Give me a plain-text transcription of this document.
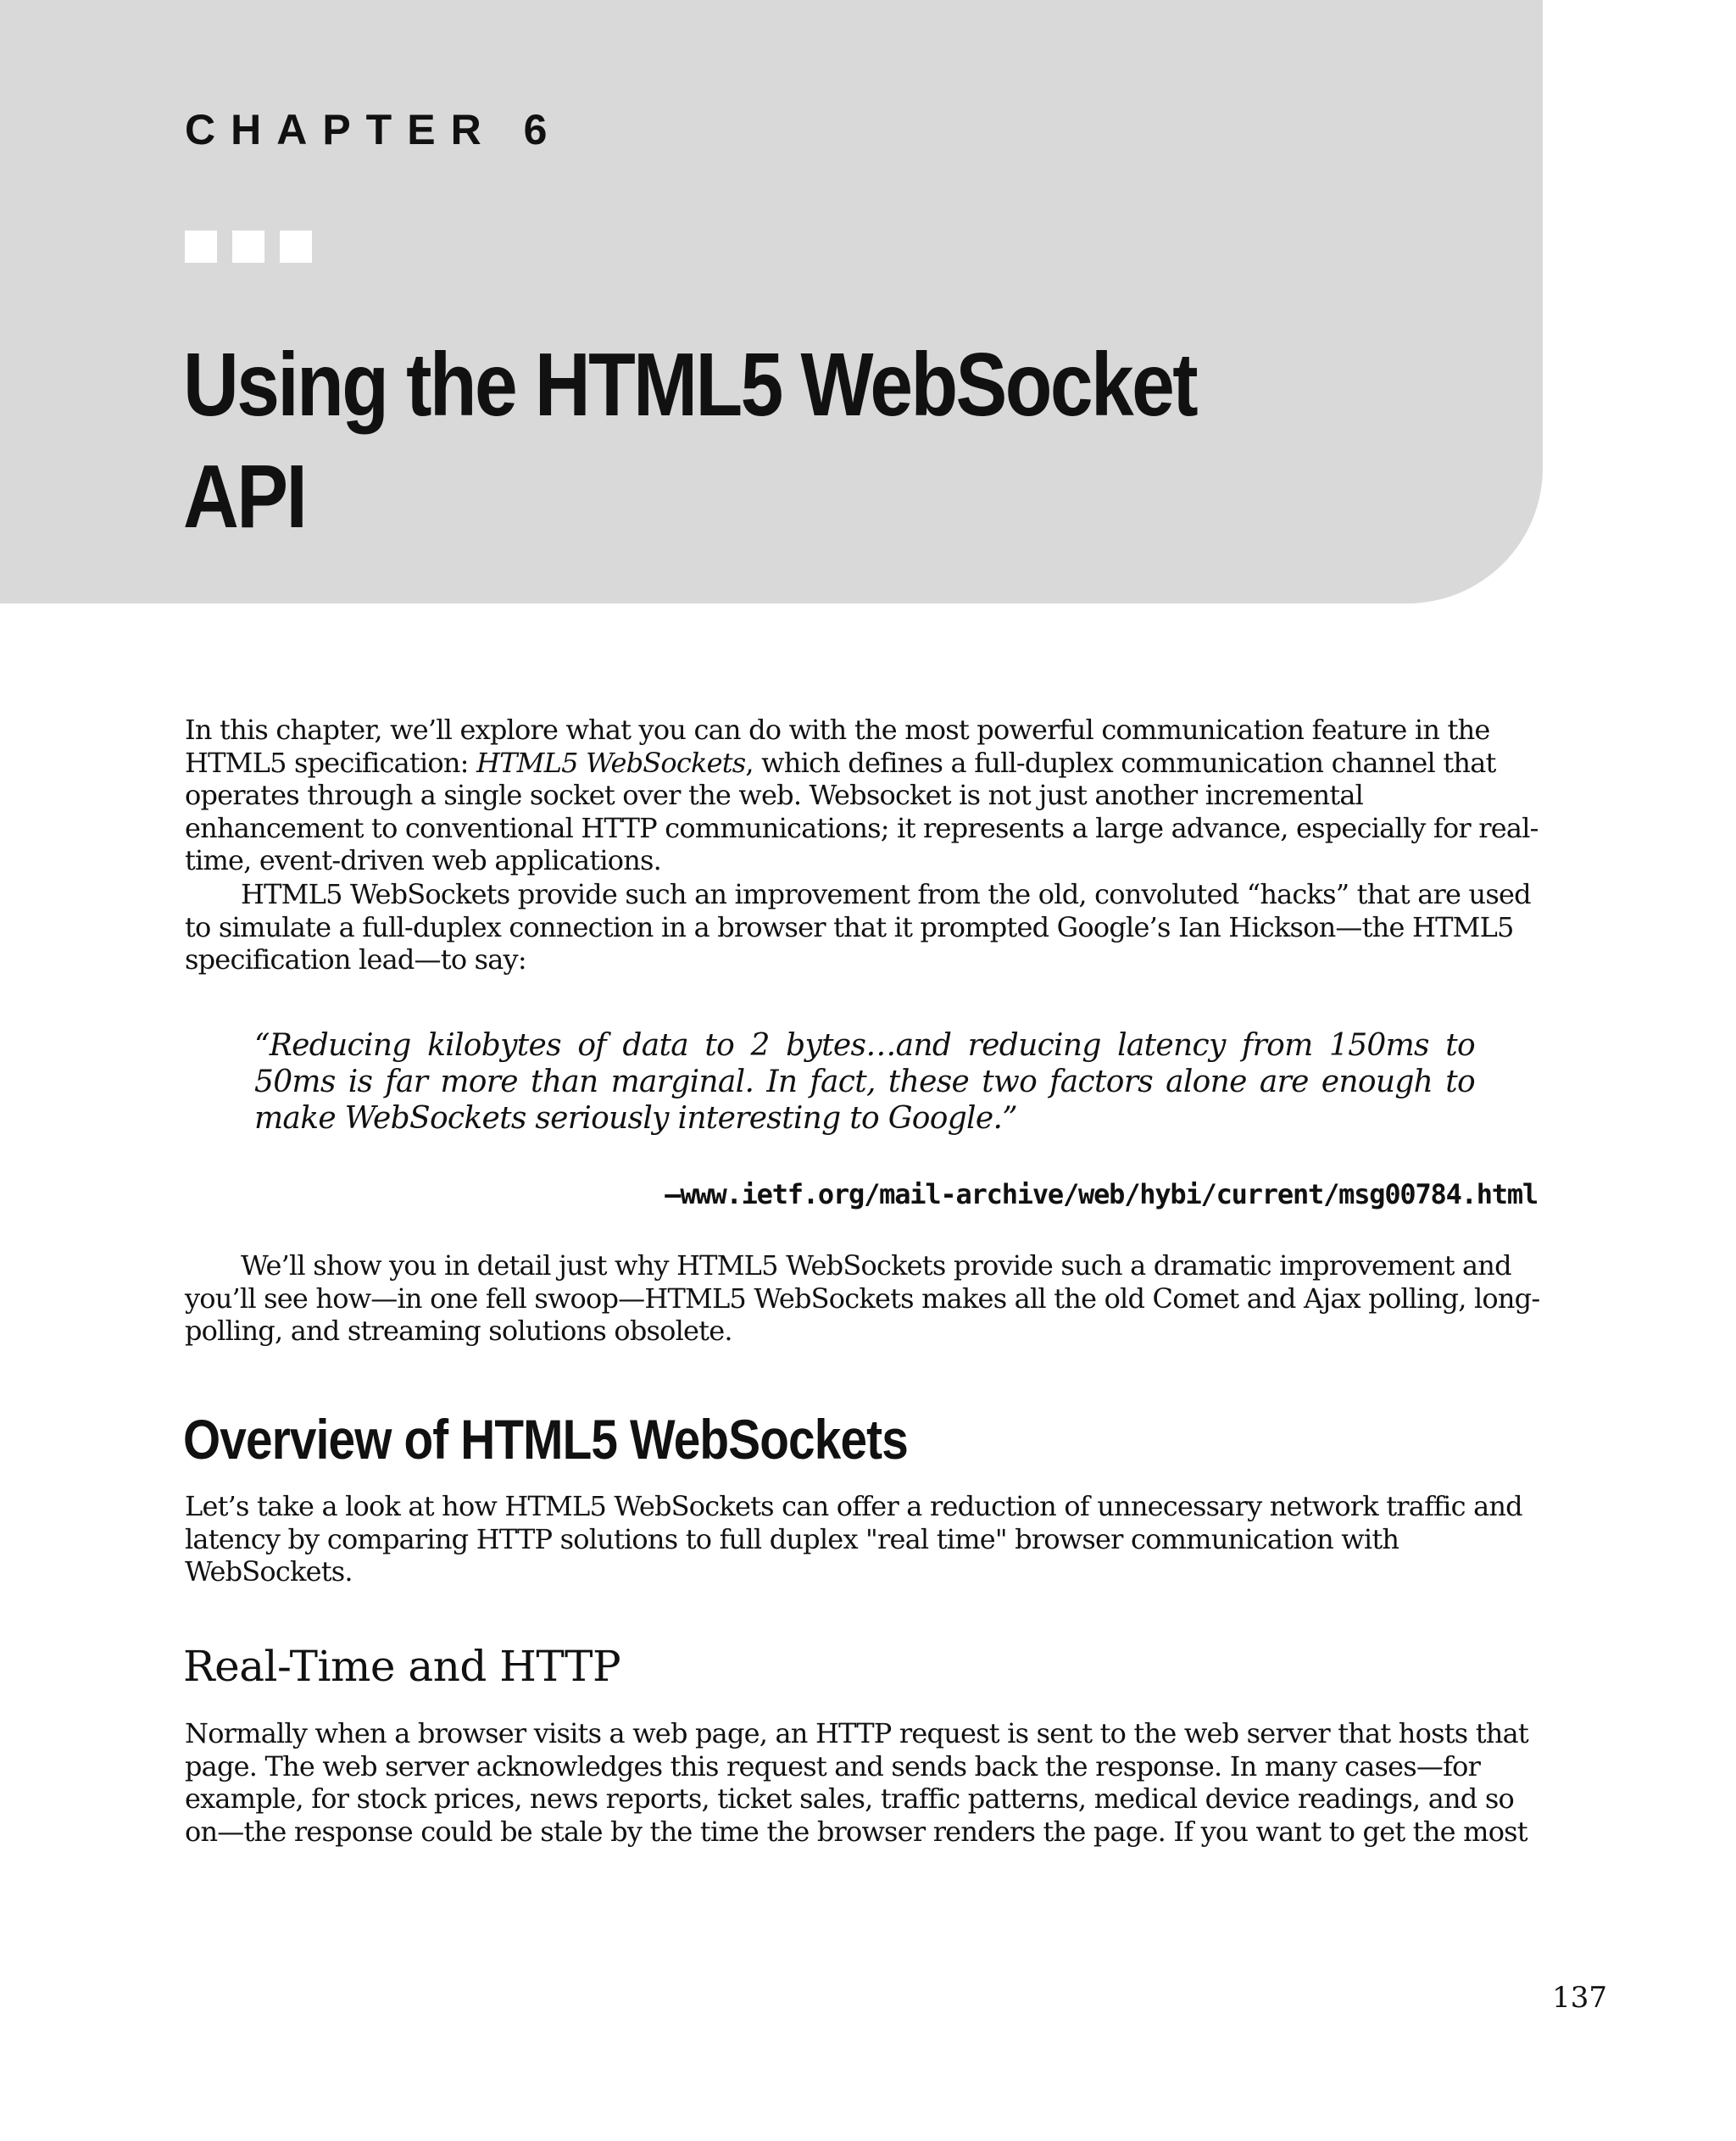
CHAPTER 6
Using the HTML5 WebSocket
API

In this chapter, we’ll explore what you can do with the most powerful communication feature in the HTML5 specification: HTML5 WebSockets, which defines a full-duplex communication channel that operates through a single socket over the web. Websocket is not just another incremental enhancement to conventional HTTP communications; it represents a large advance, especially for real-time, event-driven web applications.

HTML5 WebSockets provide such an improvement from the old, convoluted “hacks” that are used to simulate a full-duplex connection in a browser that it prompted Google’s Ian Hickson—the HTML5 specification lead—to say:

“Reducing kilobytes of data to 2 bytes…and reducing latency from 150ms to 50ms is far more than marginal. In fact, these two factors alone are enough to make WebSockets seriously interesting to Google.”

—www.ietf.org/mail-archive/web/hybi/current/msg00784.html

We’ll show you in detail just why HTML5 WebSockets provide such a dramatic improvement and you’ll see how—in one fell swoop—HTML5 WebSockets makes all the old Comet and Ajax polling, long-polling, and streaming solutions obsolete.

Overview of HTML5 WebSockets

Let’s take a look at how HTML5 WebSockets can offer a reduction of unnecessary network traffic and latency by comparing HTTP solutions to full duplex "real time" browser communication with WebSockets.

Real-Time and HTTP

Normally when a browser visits a web page, an HTTP request is sent to the web server that hosts that page. The web server acknowledges this request and sends back the response. In many cases—for example, for stock prices, news reports, ticket sales, traffic patterns, medical device readings, and so on—the response could be stale by the time the browser renders the page. If you want to get the most

137
